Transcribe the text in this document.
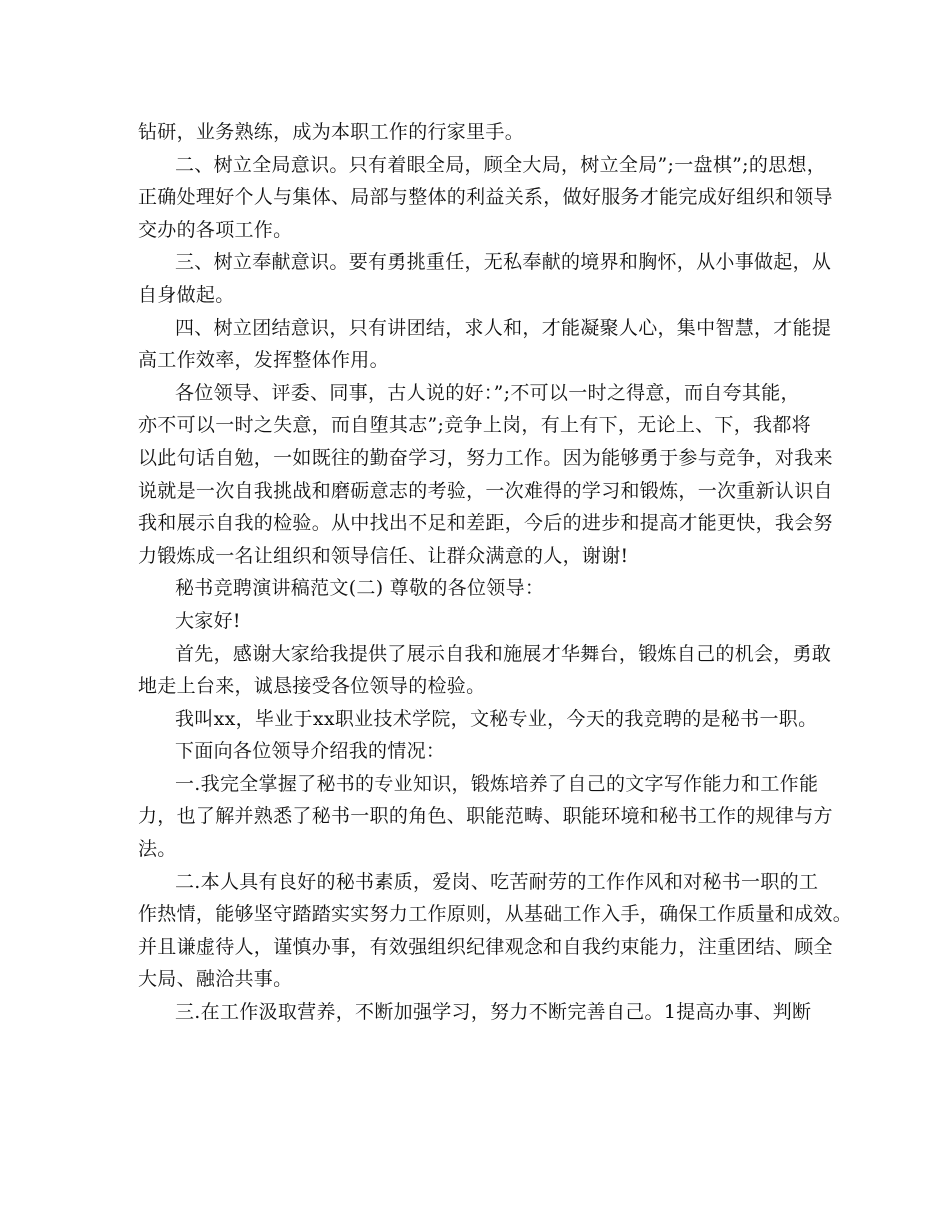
钻研，业务熟练，成为本职工作的行家里手。
二、树立全局意识。只有着眼全局，顾全大局，树立全局”;一盘棋”;的思想，
正确处理好个人与集体、局部与整体的利益关系，做好服务才能完成好组织和领导
交办的各项工作。
三、树立奉献意识。要有勇挑重任，无私奉献的境界和胸怀，从小事做起，从
自身做起。
四、树立团结意识，只有讲团结，求人和，才能凝聚人心，集中智慧，才能提
高工作效率，发挥整体作用。
各位领导、评委、同事，古人说的好：”;不可以一时之得意，而自夸其能，
亦不可以一时之失意，而自堕其志”;竞争上岗，有上有下，无论上、下，我都将
以此句话自勉，一如既往的勤奋学习，努力工作。因为能够勇于参与竞争，对我来
说就是一次自我挑战和磨砺意志的考验，一次难得的学习和锻炼，一次重新认识自
我和展示自我的检验。从中找出不足和差距，今后的进步和提高才能更快，我会努
力锻炼成一名让组织和领导信任、让群众满意的人，谢谢!
秘书竞聘演讲稿范文(二) 尊敬的各位领导：
大家好!
首先，感谢大家给我提供了展示自我和施展才华舞台，锻炼自己的机会，勇敢
地走上台来，诚恳接受各位领导的检验。
我叫xx，毕业于xx职业技术学院，文秘专业，今天的我竞聘的是秘书一职。
下面向各位领导介绍我的情况：
一.我完全掌握了秘书的专业知识，锻炼培养了自己的文字写作能力和工作能
力，也了解并熟悉了秘书一职的角色、职能范畴、职能环境和秘书工作的规律与方
法。
二.本人具有良好的秘书素质，爱岗、吃苦耐劳的工作作风和对秘书一职的工
作热情，能够坚守踏踏实实努力工作原则，从基础工作入手，确保工作质量和成效。
并且谦虚待人，谨慎办事，有效强组织纪律观念和自我约束能力，注重团结、顾全
大局、融洽共事。
三.在工作汲取营养，不断加强学习，努力不断完善自己。1提高办事、判断
